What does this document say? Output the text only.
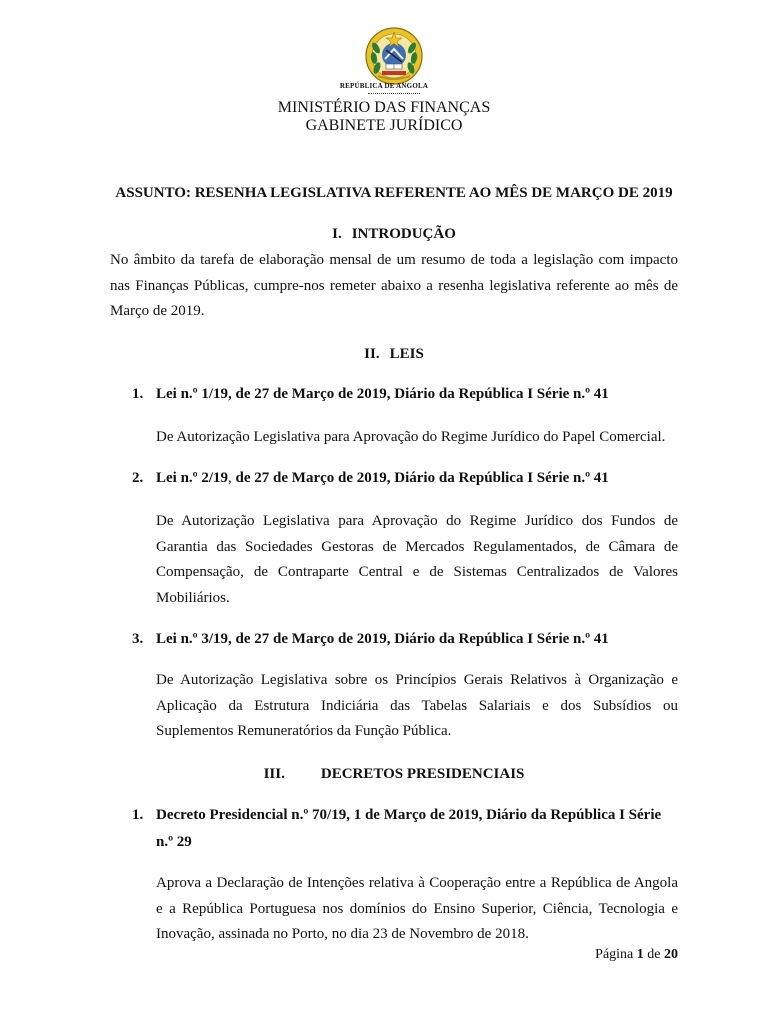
REPÚBLICA DE ANGOLA
MINISTÉRIO DAS FINANÇAS
GABINETE JURÍDICO
ASSUNTO: RESENHA LEGISLATIVA REFERENTE AO MÊS DE MARÇO DE 2019
I. INTRODUÇÃO
No âmbito da tarefa de elaboração mensal de um resumo de toda a legislação com impacto nas Finanças Públicas, cumpre-nos remeter abaixo a resenha legislativa referente ao mês de Março de 2019.
II. LEIS
1. Lei n.º 1/19, de 27 de Março de 2019, Diário da República I Série n.º 41
De Autorização Legislativa para Aprovação do Regime Jurídico do Papel Comercial.
2. Lei n.º 2/19, de 27 de Março de 2019, Diário da República I Série n.º 41
De Autorização Legislativa para Aprovação do Regime Jurídico dos Fundos de Garantia das Sociedades Gestoras de Mercados Regulamentados, de Câmara de Compensação, de Contraparte Central e de Sistemas Centralizados de Valores Mobiliários.
3. Lei n.º 3/19, de 27 de Março de 2019, Diário da República I Série n.º 41
De Autorização Legislativa sobre os Princípios Gerais Relativos à Organização e Aplicação da Estrutura Indiciária das Tabelas Salariais e dos Subsídios ou Suplementos Remuneratórios da Função Pública.
III. DECRETOS PRESIDENCIAIS
1. Decreto Presidencial n.º 70/19, 1 de Março de 2019, Diário da República I Série n.º 29
Aprova a Declaração de Intenções relativa à Cooperação entre a República de Angola e a República Portuguesa nos domínios do Ensino Superior, Ciência, Tecnologia e Inovação, assinada no Porto, no dia 23 de Novembro de 2018.
Página 1 de 20
